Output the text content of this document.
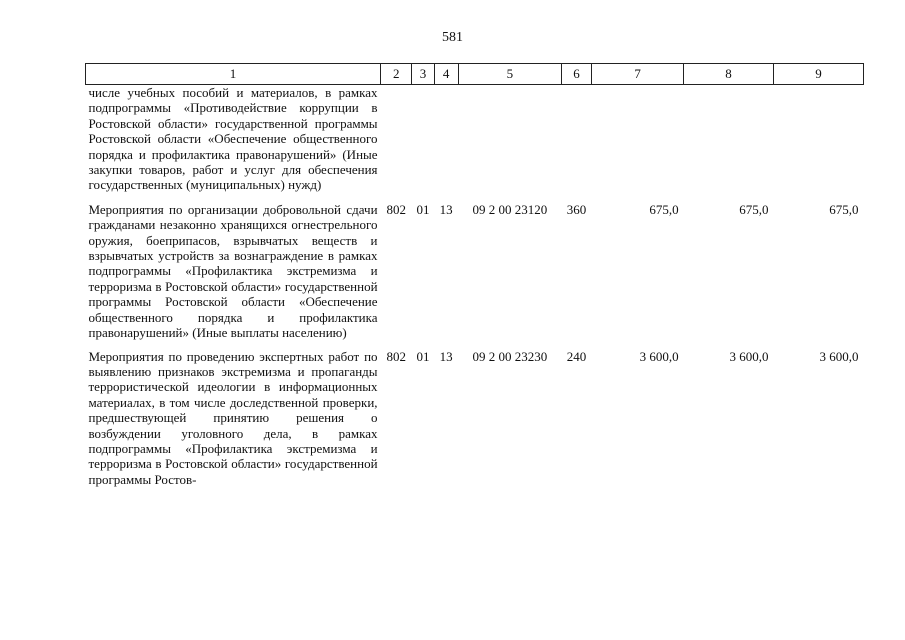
581
1	2	3	4	5	6	7	8	9
числе учебных пособий и материалов, в рамках подпрограммы «Противодействие коррупции в Ростовской области» государственной программы Ростовской области «Обеспечение общественного порядка и профилактика правонарушений» (Иные закупки товаров, работ и услуг для обеспечения государственных (муниципальных) нужд)								
Мероприятия по организации добровольной сдачи гражданами незаконно хранящихся огнестрельного оружия, боеприпасов, взрывчатых веществ и взрывчатых устройств за вознаграждение в рамках подпрограммы «Профилактика экстремизма и терроризма в Ростовской области» государственной программы Ростовской области «Обеспечение общественного порядка и профилактика правонарушений» (Иные выплаты населению)	802	01	13	09 2 00 23120	360	675,0	675,0	675,0
Мероприятия по проведению экспертных работ по выявлению признаков экстремизма и пропаганды террористической идеологии в информационных материалах, в том числе доследственной проверки, предшествующей принятию решения о возбуждении уголовного дела, в рамках подпрограммы «Профилактика экстремизма и терроризма в Ростовской области» государственной программы Ростов-	802	01	13	09 2 00 23230	240	3 600,0	3 600,0	3 600,0
